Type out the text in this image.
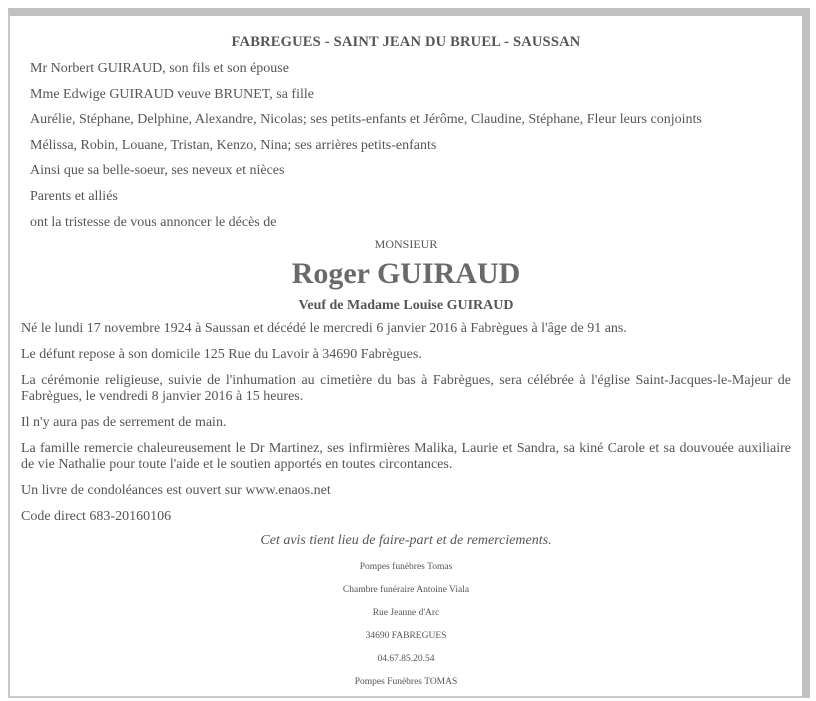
FABREGUES - SAINT JEAN DU BRUEL - SAUSSAN
Mr Norbert GUIRAUD, son fils et son épouse
Mme Edwige GUIRAUD veuve BRUNET, sa fille
Aurélie, Stéphane, Delphine, Alexandre, Nicolas; ses petits-enfants et Jérôme, Claudine, Stéphane, Fleur leurs conjoints
Mélissa, Robin, Louane, Tristan, Kenzo, Nina; ses arrières petits-enfants
Ainsi que sa belle-soeur, ses neveux et nièces
Parents et alliés
ont la tristesse de vous annoncer le décès de
MONSIEUR
Roger GUIRAUD
Veuf de Madame Louise GUIRAUD
Né le lundi 17 novembre 1924 à Saussan et décédé le mercredi 6 janvier 2016 à Fabrègues à l'âge de 91 ans.
Le défunt repose à son domicile 125 Rue du Lavoir à 34690 Fabrègues.
La cérémonie religieuse, suivie de l'inhumation au cimetière du bas à Fabrègues, sera célébrée à l'église Saint-Jacques-le-Majeur de Fabrègues, le vendredi 8 janvier 2016 à 15 heures.
Il n'y aura pas de serrement de main.
La famille remercie chaleureusement le Dr Martinez, ses infirmières Malika, Laurie et Sandra, sa kiné Carole et sa douvouée auxiliaire de vie Nathalie pour toute l'aide et le soutien apportés en toutes circontances.
Un livre de condoléances est ouvert sur www.enaos.net
Code direct 683-20160106
Cet avis tient lieu de faire-part et de remerciements.
Pompes funèbres Tomas
Chambre funéraire Antoine Viala
Rue Jeanne d'Arc
34690 FABREGUES
04.67.85.20.54
Pompes Funèbres TOMAS
